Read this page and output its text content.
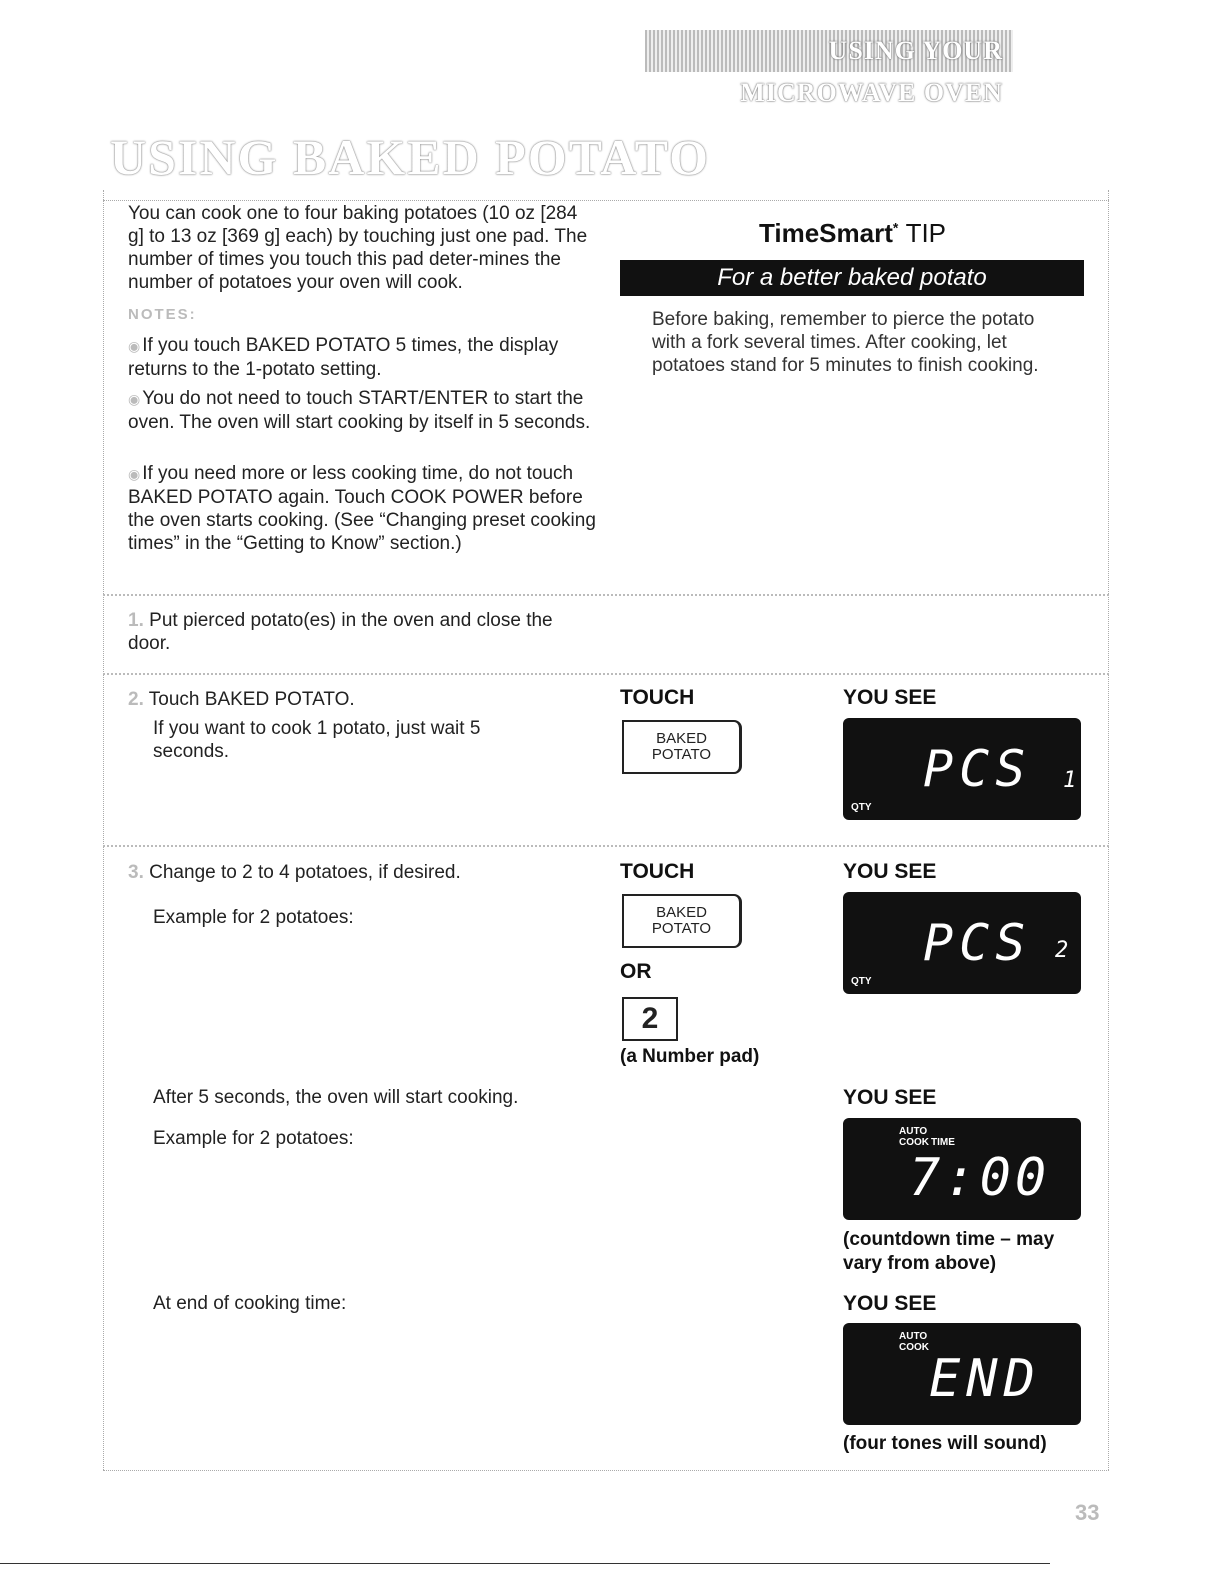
USING YOUR MICROWAVE OVEN
USING BAKED POTATO
You can cook one to four baking potatoes (10 oz [284 g] to 13 oz [369 g] each) by touching just one pad. The number of times you touch this pad deter-mines the number of potatoes your oven will cook.
NOTES:
◉ If you touch BAKED POTATO 5 times, the display returns to the 1-potato setting.
◉ You do not need to touch START/ENTER to start the oven. The oven will start cooking by itself in 5 seconds.
◉ If you need more or less cooking time, do not touch BAKED POTATO again. Touch COOK POWER before the oven starts cooking. (See “Changing preset cooking times” in the “Getting to Know” section.)
TimeSmart* TIP
For a better baked potato
Before baking, remember to pierce the potato with a fork several times. After cooking, let potatoes stand for 5 minutes to finish cooking.
1. Put pierced potato(es) in the oven and close the door.
2. Touch BAKED POTATO.
If you want to cook 1 potato, just wait 5 seconds.
TOUCH	YOU SEE
BAKED
POTATO	PCS 1
QTY
3. Change to 2 to 4 potatoes, if desired.
Example for 2 potatoes:
TOUCH	YOU SEE
BAKED
POTATO
OR
2
(a Number pad)
PCS 2
QTY
After 5 seconds, the oven will start cooking.
Example for 2 potatoes:
YOU SEE
AUTO
COOK TIME
7:00
(countdown time – may vary from above)
At end of cooking time:	YOU SEE
AUTO
COOK
END
(four tones will sound)
33
